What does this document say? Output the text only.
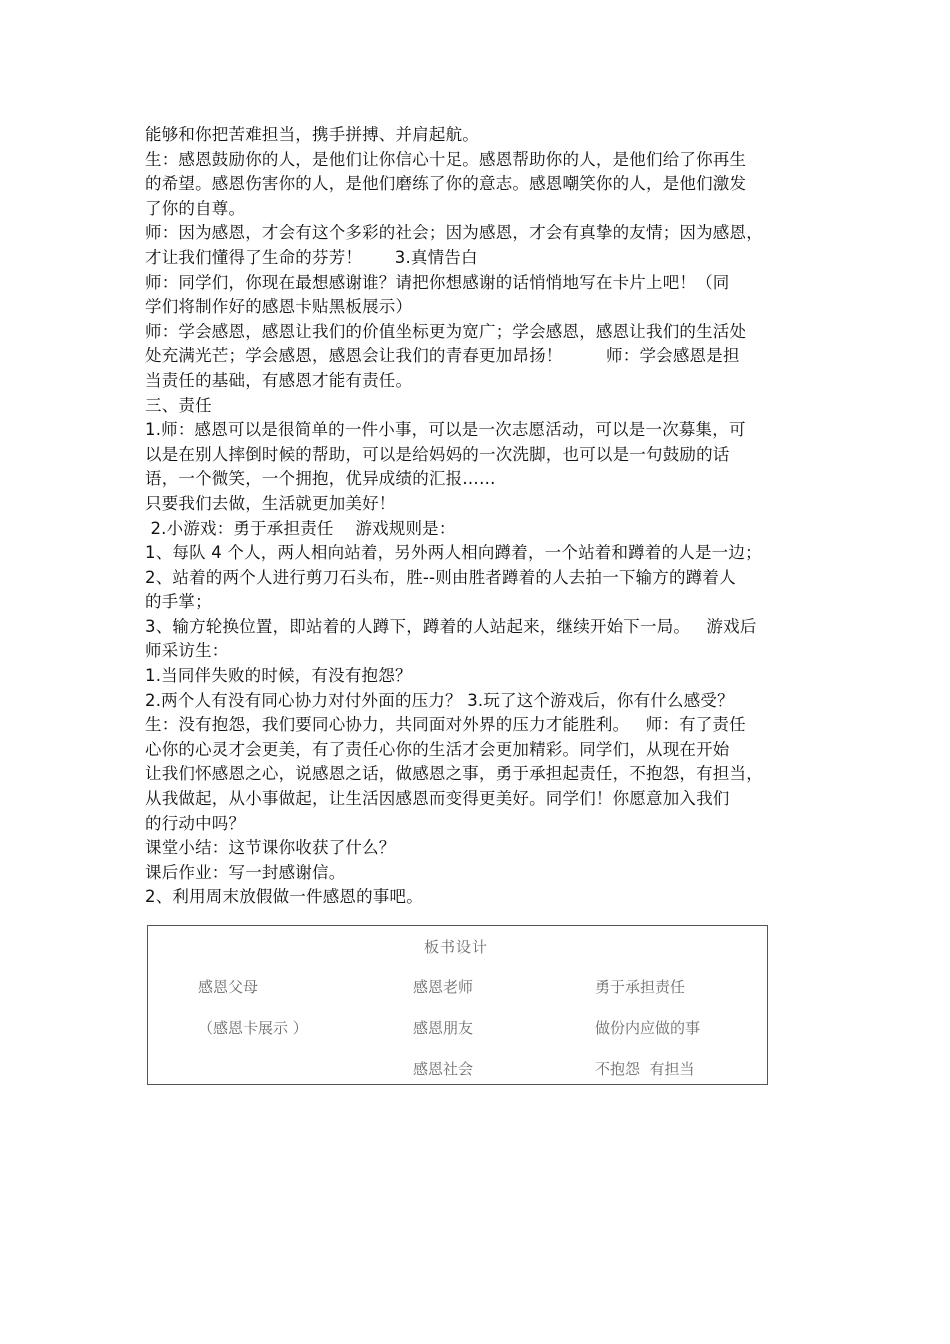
能够和你把苦难担当，携手拼搏、并肩起航。
生：感恩鼓励你的人，是他们让你信心十足。感恩帮助你的人，是他们给了你再生
的希望。感恩伤害你的人，是他们磨练了你的意志。感恩嘲笑你的人，是他们激发
了你的自尊。
师：因为感恩，才会有这个多彩的社会；因为感恩，才会有真挚的友情；因为感恩，
才让我们懂得了生命的芬芳！      3.真情告白
师：同学们，你现在最想感谢谁？请把你想感谢的话悄悄地写在卡片上吧！（同
学们将制作好的感恩卡贴黑板展示）
师：学会感恩，感恩让我们的价值坐标更为宽广；学会感恩，感恩让我们的生活处
处充满光芒；学会感恩，感恩会让我们的青春更加昂扬！        师：学会感恩是担
当责任的基础，有感恩才能有责任。
三、责任
1.师：感恩可以是很简单的一件小事，可以是一次志愿活动，可以是一次募集，可
以是在别人摔倒时候的帮助，可以是给妈妈的一次洗脚，也可以是一句鼓励的话
语，一个微笑，一个拥抱，优异成绩的汇报……
只要我们去做，生活就更加美好！
2.小游戏：勇于承担责任    游戏规则是：
1、每队 4 个人，两人相向站着，另外两人相向蹲着，一个站着和蹲着的人是一边；
2、站着的两个人进行剪刀石头布，胜--则由胜者蹲着的人去拍一下输方的蹲着人
的手掌；
3、输方轮换位置，即站着的人蹲下，蹲着的人站起来，继续开始下一局。   游戏后
师采访生：
1.当同伴失败的时候，有没有抱怨？
2.两个人有没有同心协力对付外面的压力？ 3.玩了这个游戏后，你有什么感受？
生：没有抱怨，我们要同心协力，共同面对外界的压力才能胜利。   师：有了责任
心你的心灵才会更美，有了责任心你的生活才会更加精彩。同学们，从现在开始
让我们怀感恩之心，说感恩之话，做感恩之事，勇于承担起责任，不抱怨，有担当，
从我做起，从小事做起，让生活因感恩而变得更美好。同学们！你愿意加入我们
的行动中吗？
课堂小结：这节课你收获了什么？
课后作业：写一封感谢信。
2、利用周末放假做一件感恩的事吧。
板书设计
感恩父母
（感恩卡展示 ）
感恩老师
感恩朋友
感恩社会
勇于承担责任
做份内应做的事
不抱怨  有担当
